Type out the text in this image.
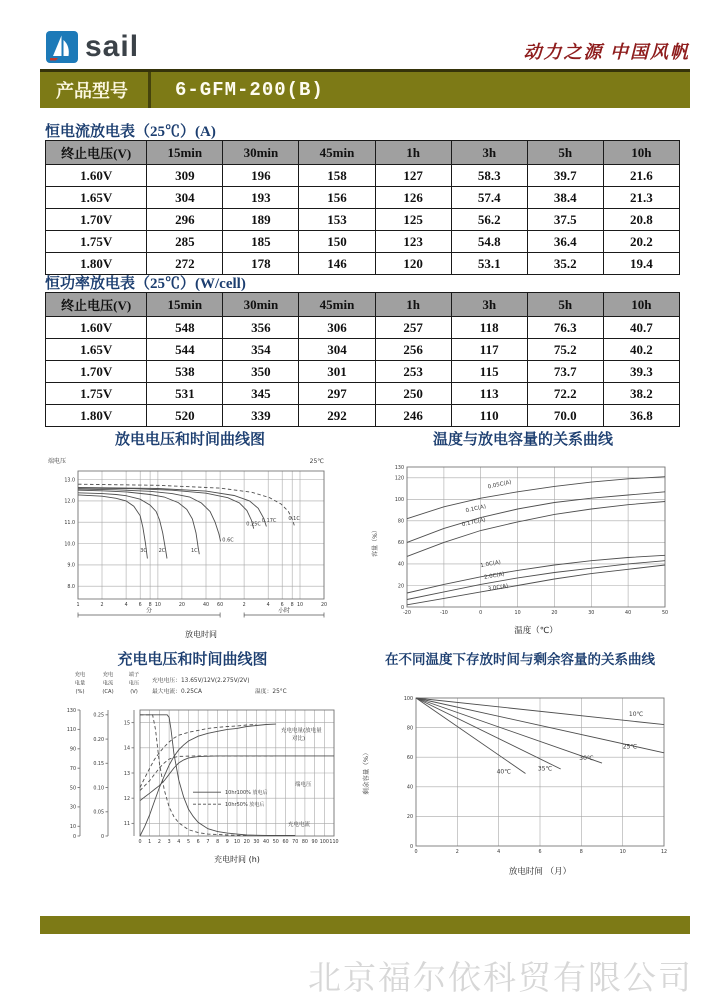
sail	动力之源 中国风帆
产品型号	6-GFM-200(B)
恒电流放电表（25℃）(A)
终止电压(V)	15min	30min	45min	1h	3h	5h	10h
1.60V	309	196	158	127	58.3	39.7	21.6
1.65V	304	193	156	126	57.4	38.4	21.3
1.70V	296	189	153	125	56.2	37.5	20.8
1.75V	285	185	150	123	54.8	36.4	20.2
1.80V	272	178	146	120	53.1	35.2	19.4
恒功率放电表（25℃）(W/cell)
终止电压(V)	15min	30min	45min	1h	3h	5h	10h
1.60V	548	356	306	257	118	76.3	40.7
1.65V	544	354	304	256	117	75.2	40.2
1.70V	538	350	301	253	115	73.7	39.3
1.75V	531	345	297	250	113	72.2	38.2
1.80V	520	339	292	246	110	70.0	36.8
放电电压和时间曲线图	温度与放电容量的关系曲线
充电电压和时间曲线图	在不同温度下存放时间与剩余容量的关系曲线
1	2	4 6 8 10	20	40 60	2	4 6 8 10	20
13.0
12.0
11.0
10.0
9.0
8.0
分	小时
端电压	25℃
放电时间
3C 2C	1C
0.6C
0.25C
0.17C 0.1C
-20	-10	0	10	20	30	40	50
130
120
100
80
60
40
20
0
容量（%）
温度（℃）
0.05C(A)
0.1C(A)
0.17C(A)
1.0C(A)
2.0C(A)
3.0C(A)
0 1 2 3 4 5 6 7 8 9 10 20 30 40 50 60 70 80 90 100 110
充电
电量
(%)
0
10
30
50
70
90
110
130
充电
电流
(CA)
0
0.05
0.10
0.15
0.20
0.25
端子
电压
(V)
11
12
13
14
15
充电电压：13.65V/12V(2.275V/2V)
最大电流：0.25CA	温度：25°C
充电电量(放电量
对比)
端电压
充电电流
10hr100% 放电后
10hr50% 放电后
充电时间 (h)
0	2	4	6	8	10	12
100
80
60
40
20
0
剩余容量（%）
放电时间 （月）
10℃
25℃
30℃
35℃
40℃
北京福尔依科贸有限公司
